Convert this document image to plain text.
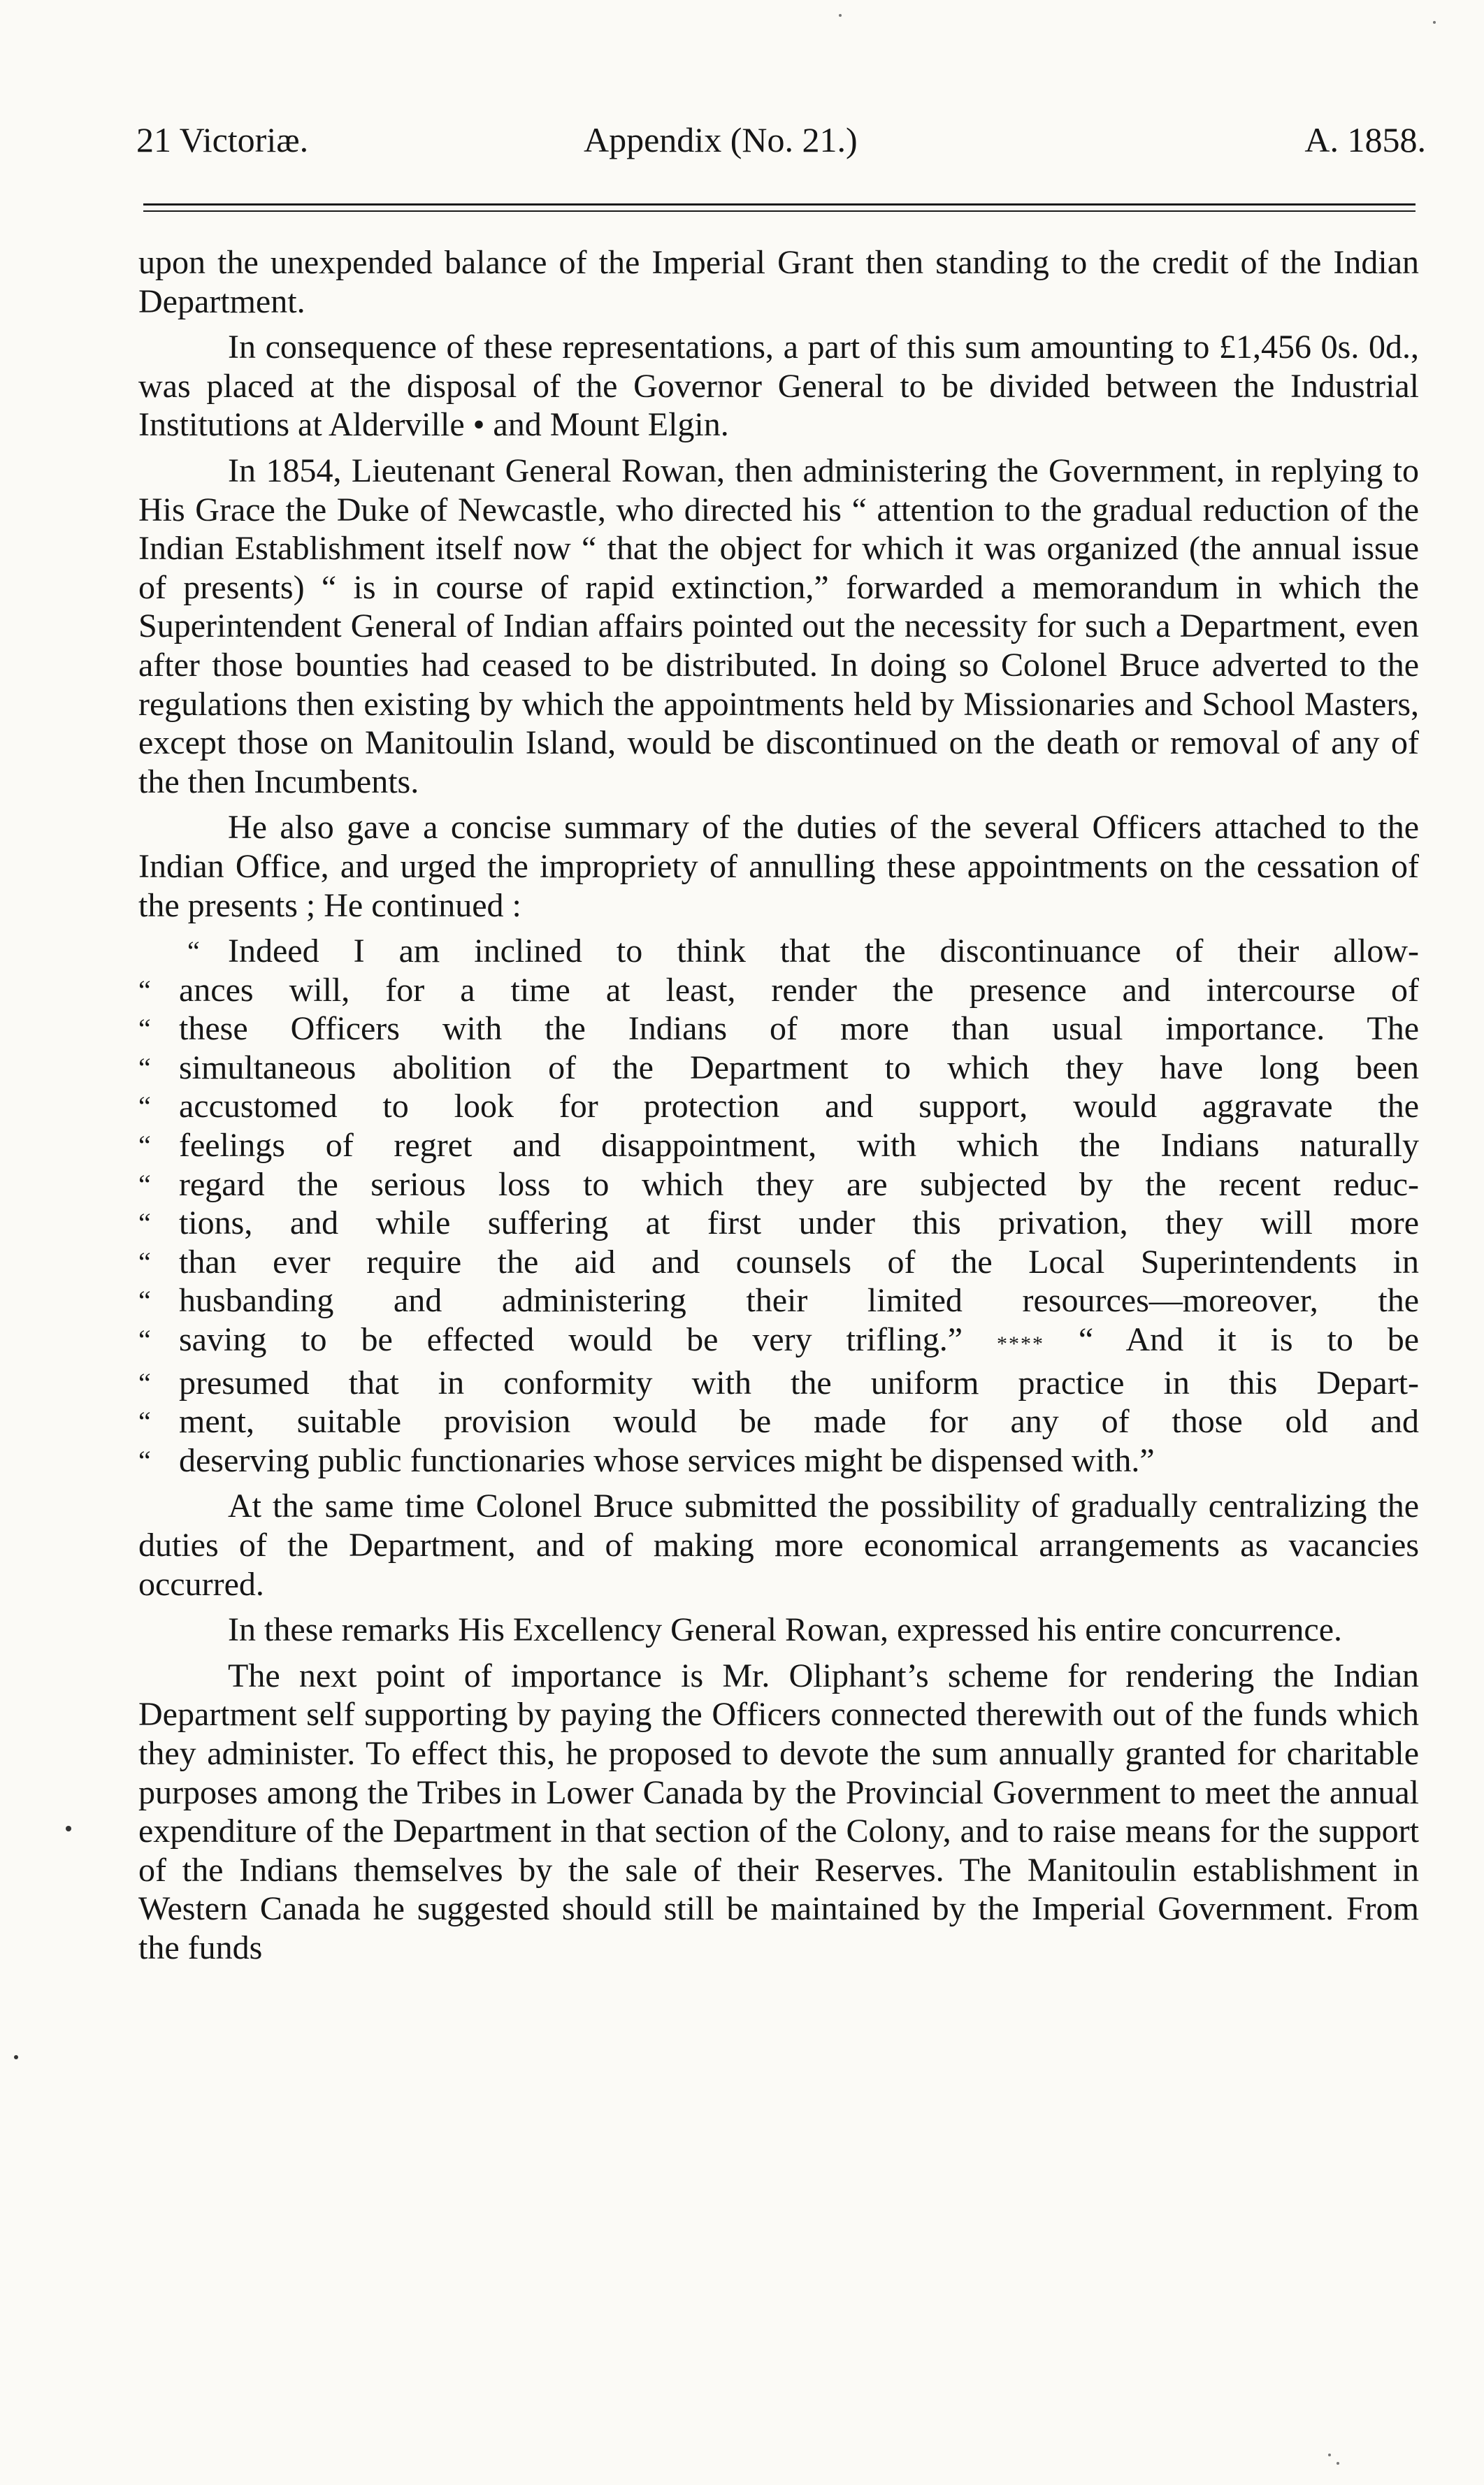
21 Victoriæ.	Appendix (No. 21.)	A. 1858.

upon the unexpended balance of the Imperial Grant then standing to the credit of the Indian Department.

In consequence of these representations, a part of this sum amounting to £1,456 0s. 0d., was placed at the disposal of the Governor General to be divided between the Industrial Institutions at Alderville • and Mount Elgin.

In 1854, Lieutenant General Rowan, then administering the Government, in replying to His Grace the Duke of Newcastle, who directed his “ attention to the gradual reduction of the Indian Establishment itself now “ that the object for which it was organized (the annual issue of presents) “ is in course of rapid extinction,” forwarded a memorandum in which the Superintendent General of Indian affairs pointed out the necessity for such a Department, even after those bounties had ceased to be distributed. In doing so Colonel Bruce adverted to the regulations then existing by which the appointments held by Missionaries and School Masters, except those on Manitoulin Island, would be discontinued on the death or removal of any of the then Incumbents.

He also gave a concise summary of the duties of the several Officers attached to the Indian Office, and urged the impropriety of annulling these appointments on the cessation of the presents ; He continued :

“ Indeed I am inclined to think that the discontinuance of their allow-
“ ances will, for a time at least, render the presence and intercourse of
“ these Officers with the Indians of more than usual importance. The
“ simultaneous abolition of the Department to which they have long been
“ accustomed to look for protection and support, would aggravate the
“ feelings of regret and disappointment, with which the Indians naturally
“ regard the serious loss to which they are subjected by the recent reduc-
“ tions, and while suffering at first under this privation, they will more
“ than ever require the aid and counsels of the Local Superintendents in
“ husbanding and administering their limited resources—moreover, the
“ saving to be effected would be very trifling.” **** “ And it is to be
“ presumed that in conformity with the uniform practice in this Depart-
“ ment, suitable provision would be made for any of those old and
“ deserving public functionaries whose services might be dispensed with.”

At the same time Colonel Bruce submitted the possibility of gradually centralizing the duties of the Department, and of making more economical arrangements as vacancies occurred.

In these remarks His Excellency General Rowan, expressed his entire concurrence.

The next point of importance is Mr. Oliphant’s scheme for rendering the Indian Department self supporting by paying the Officers connected therewith out of the funds which they administer. To effect this, he proposed to devote the sum annually granted for charitable purposes among the Tribes in Lower Canada by the Provincial Government to meet the annual expenditure of the Department in that section of the Colony, and to raise means for the support of the Indians themselves by the sale of their Reserves. The Manitoulin establishment in Western Canada he suggested should still be maintained by the Imperial Government. From the funds
